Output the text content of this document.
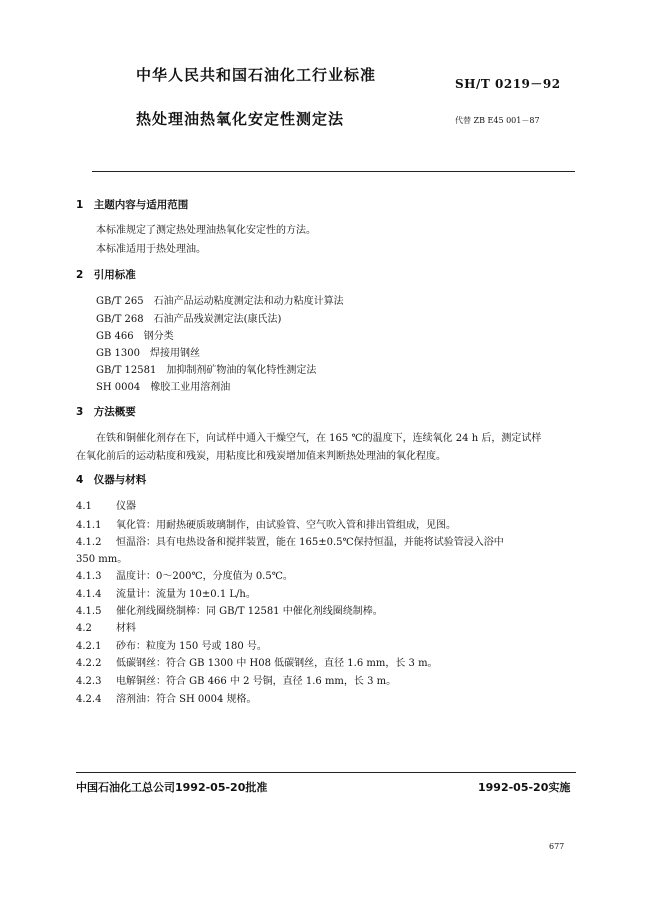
中华人民共和国石油化工行业标准	SH/T 0219－92
热处理油热氧化安定性测定法	代替 ZB E45 001－87
1　主题内容与适用范围
本标准规定了测定热处理油热氧化安定性的方法。
本标准适用于热处理油。
2　引用标准
GB/T 265　石油产品运动粘度测定法和动力粘度计算法
GB/T 268　石油产品残炭测定法(康氏法)
GB 466　钢分类
GB 1300　焊接用钢丝
GB/T 12581　加抑制剂矿物油的氧化特性测定法
SH 0004　橡胶工业用溶剂油
3　方法概要
在铁和铜催化剂存在下，向试样中通入干燥空气，在 165 ℃的温度下，连续氧化 24 h 后，测定试样
在氧化前后的运动粘度和残炭，用粘度比和残炭增加值来判断热处理油的氧化程度。
4　仪器与材料
4.1 仪器
4.1.1 氧化管：用耐热硬质玻璃制作，由试验管、空气吹入管和排出管组成，见图。
4.1.2 恒温浴：具有电热设备和搅拌装置，能在 165±0.5℃保持恒温，并能将试验管浸入浴中
350 mm。
4.1.3 温度计：0～200℃，分度值为 0.5℃。
4.1.4 流量计：流量为 10±0.1 L/h。
4.1.5 催化剂线圈绕制棒：同 GB/T 12581 中催化剂线圈绕制棒。
4.2 材料
4.2.1 砂布：粒度为 150 号或 180 号。
4.2.2 低碳钢丝：符合 GB 1300 中 H08 低碳钢丝，直径 1.6 mm，长 3 m。
4.2.3 电解铜丝：符合 GB 466 中 2 号铜，直径 1.6 mm，长 3 m。
4.2.4 溶剂油：符合 SH 0004 规格。
中国石油化工总公司1992-05-20批准	1992-05-20实施
677
